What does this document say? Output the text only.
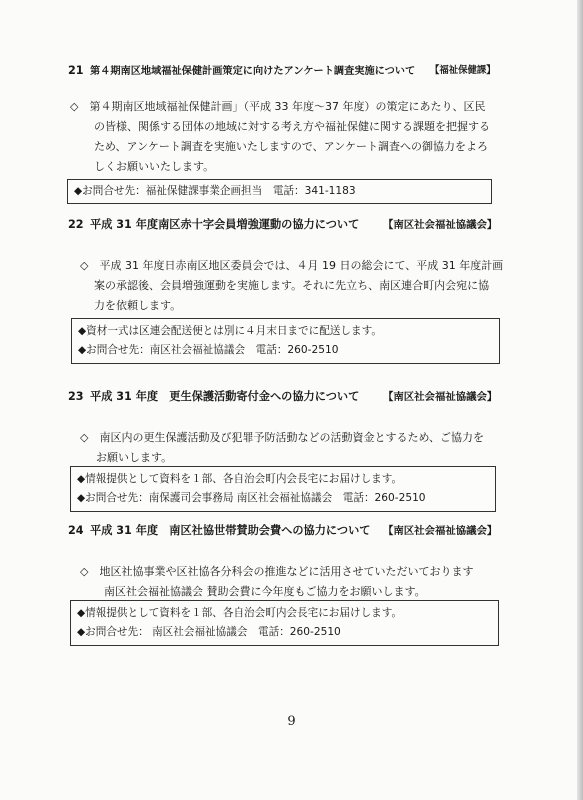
21 第４期南区地域福祉保健計画策定に向けたアンケート調査実施について	【福祉保健課】
◇　第４期南区地域福祉保健計画」（平成 33 年度〜37 年度）の策定にあたり、区民
の皆様、関係する団体の地域に対する考え方や福祉保健に関する課題を把握する
ため、アンケート調査を実施いたしますので、アンケート調査への御協力をよろ
しくお願いいたします。
◆お問合せ先：福祉保健課事業企画担当　電話：341-1183
22 平成 31 年度南区赤十字会員増強運動の協力について	【南区社会福祉協議会】
◇　平成 31 年度日赤南区地区委員会では、４月 19 日の総会にて、平成 31 年度計画
案の承認後、会員増強運動を実施します。それに先立ち、南区連合町内会宛に協
力を依頼します。
◆資材一式は区連会配送便とは別に４月末日までに配送します。
◆お問合せ先：南区社会福祉協議会　電話：260-2510
23 平成 31 年度　更生保護活動寄付金への協力について	【南区社会福祉協議会】
◇　南区内の更生保護活動及び犯罪予防活動などの活動資金とするため、ご協力を
お願いします。
◆情報提供として資料を１部、各自治会町内会長宅にお届けします。
◆お問合せ先：南保護司会事務局 南区社会福祉協議会　電話：260-2510
24 平成 31 年度　南区社協世帯賛助会費への協力について	【南区社会福祉協議会】
◇　地区社協事業や区社協各分科会の推進などに活用させていただいております
南区社会福祉協議会 賛助会費に今年度もご協力をお願いします。
◆情報提供として資料を１部、各自治会町内会長宅にお届けします。
◆お問合せ先： 南区社会福祉協議会　電話：260-2510
9
